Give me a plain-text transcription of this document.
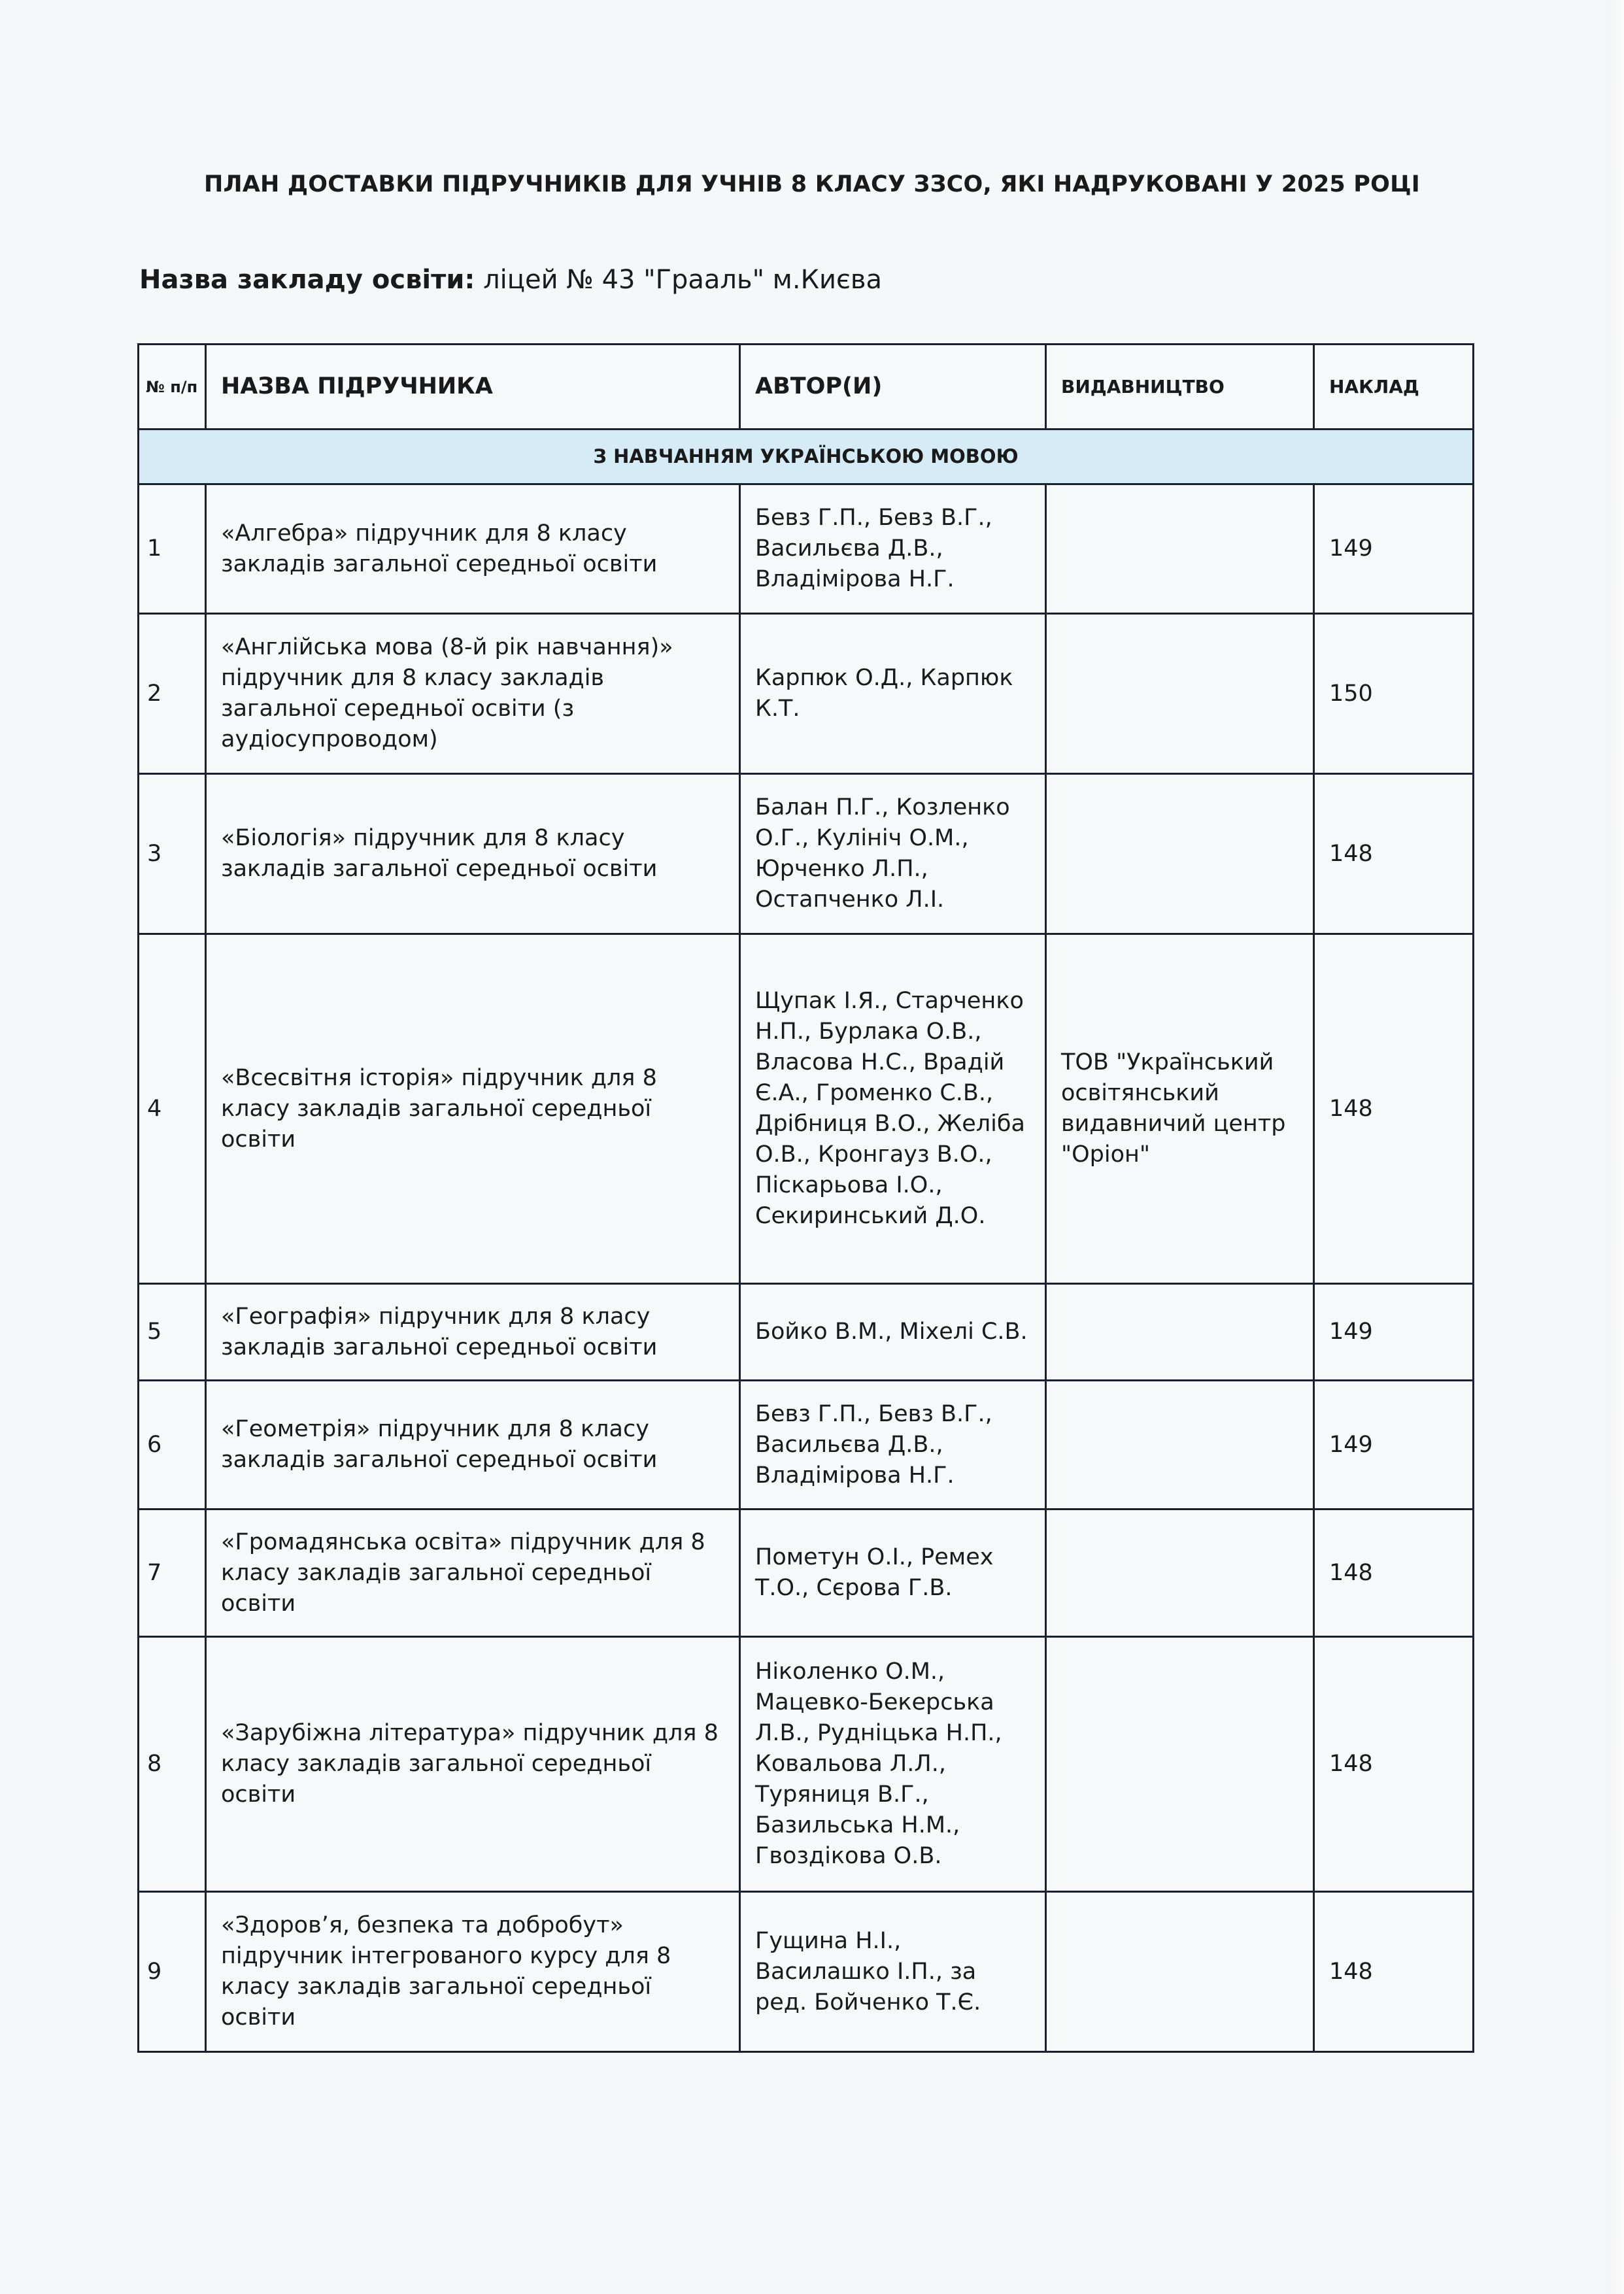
ПЛАН ДОСТАВКИ ПІДРУЧНИКІВ ДЛЯ УЧНІВ 8 КЛАСУ ЗЗСО, ЯКІ НАДРУКОВАНІ У 2025 РОЦІ
Назва закладу освіти: ліцей № 43 "Грааль" м.Києва
№ п/п	НАЗВА ПІДРУЧНИКА	АВТОР(И)	ВИДАВНИЦТВО	НАКЛАД
З НАВЧАННЯМ УКРАЇНСЬКОЮ МОВОЮ				
1	«Алгебра» підручник для 8 класу закладів загальної середньої освіти	Бевз Г.П., Бевз В.Г., Васильєва Д.В., Владімірова Н.Г.		149
2	«Англійська мова (8-й рік навчання)» підручник для 8 класу закладів загальної середньої освіти (з аудіосупроводом)	Карпюк О.Д., Карпюк К.Т.		150
3	«Біологія» підручник для 8 класу закладів загальної середньої освіти	Балан П.Г., Козленко О.Г., Кулініч О.М., Юрченко Л.П., Остапченко Л.І.		148
4	«Всесвітня історія» підручник для 8 класу закладів загальної середньої освіти	Щупак І.Я., Старченко Н.П., Бурлака О.В., Власова Н.С., Врадій Є.А., Громенко С.В., Дрібниця В.О., Желіба О.В., Кронгауз В.О., Піскарьова І.О., Секиринський Д.О.	ТОВ "Український освітянський видавничий центр "Оріон"	148
5	«Географія» підручник для 8 класу закладів загальної середньої освіти	Бойко В.М., Міхелі С.В.		149
6	«Геометрія» підручник для 8 класу закладів загальної середньої освіти	Бевз Г.П., Бевз В.Г., Васильєва Д.В., Владімірова Н.Г.		149
7	«Громадянська освіта» підручник для 8 класу закладів загальної середньої освіти	Пометун О.І., Ремех Т.О., Сєрова Г.В.		148
8	«Зарубіжна література» підручник для 8 класу закладів загальної середньої освіти	Ніколенко О.М., Мацевко-Бекерська Л.В., Рудніцька Н.П., Ковальова Л.Л., Туряниця В.Г., Базильська Н.М., Гвоздікова О.В.		148
9	«Здоров’я, безпека та добробут» підручник інтегрованого курсу для 8 класу закладів загальної середньої освіти	Гущина Н.І., Василашко І.П., за ред. Бойченко Т.Є.		148
